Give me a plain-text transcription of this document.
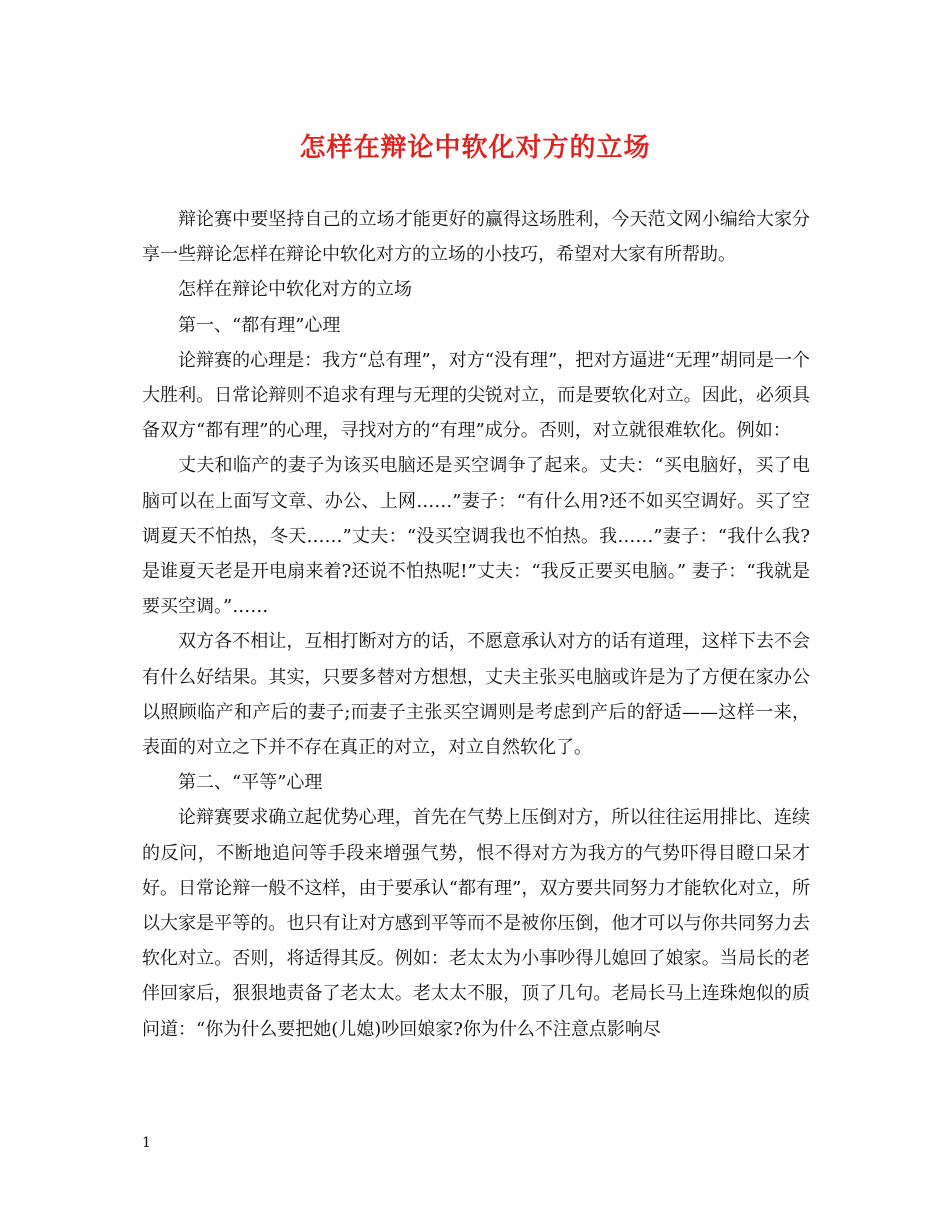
怎样在辩论中软化对方的立场

辩论赛中要坚持自己的立场才能更好的赢得这场胜利，今天范文网小编给大家分享一些辩论怎样在辩论中软化对方的立场的小技巧，希望对大家有所帮助。

怎样在辩论中软化对方的立场

第一、“都有理”心理

论辩赛的心理是：我方“总有理”，对方“没有理”，把对方逼进“无理”胡同是一个大胜利。日常论辩则不追求有理与无理的尖锐对立，而是要软化对立。因此，必须具备双方“都有理”的心理，寻找对方的“有理”成分。否则，对立就很难软化。例如：

丈夫和临产的妻子为该买电脑还是买空调争了起来。丈夫：“买电脑好，买了电脑可以在上面写文章、办公、上网……”妻子：“有什么用?还不如买空调好。买了空调夏天不怕热，冬天……”丈夫：“没买空调我也不怕热。我……”妻子：“我什么我?是谁夏天老是开电扇来着?还说不怕热呢!”丈夫：“我反正要买电脑。” 妻子：“我就是要买空调。”……

双方各不相让，互相打断对方的话，不愿意承认对方的话有道理，这样下去不会有什么好结果。其实，只要多替对方想想，丈夫主张买电脑或许是为了方便在家办公以照顾临产和产后的妻子;而妻子主张买空调则是考虑到产后的舒适——这样一来，表面的对立之下并不存在真正的对立，对立自然软化了。

第二、“平等”心理

论辩赛要求确立起优势心理，首先在气势上压倒对方，所以往往运用排比、连续的反问，不断地追问等手段来增强气势，恨不得对方为我方的气势吓得目瞪口呆才好。日常论辩一般不这样，由于要承认“都有理”，双方要共同努力才能软化对立，所以大家是平等的。也只有让对方感到平等而不是被你压倒，他才可以与你共同努力去软化对立。否则，将适得其反。例如：老太太为小事吵得儿媳回了娘家。当局长的老伴回家后，狠狠地责备了老太太。老太太不服，顶了几句。老局长马上连珠炮似的质问道：“你为什么要把她(儿媳)吵回娘家?你为什么不注意点影响尽

1
